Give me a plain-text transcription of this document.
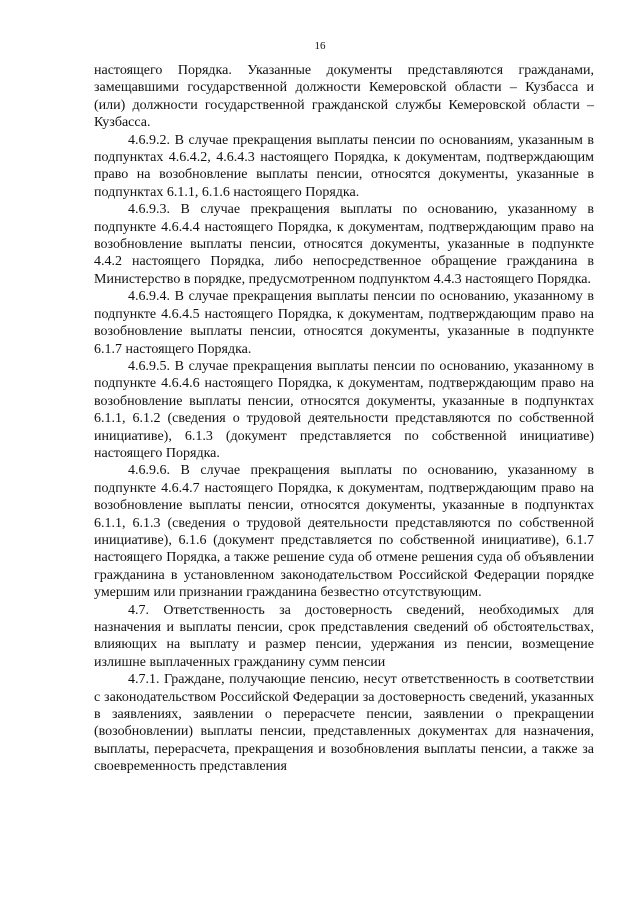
16

настоящего Порядка. Указанные документы представляются гражданами, замещавшими государственной должности Кемеровской области – Кузбасса и (или) должности государственной гражданской службы Кемеровской области – Кузбасса.

4.6.9.2. В случае прекращения выплаты пенсии по основаниям, указанным в подпунктах 4.6.4.2, 4.6.4.3 настоящего Порядка, к документам, подтверждающим право на возобновление выплаты пенсии, относятся документы, указанные в подпунктах 6.1.1, 6.1.6 настоящего Порядка.

4.6.9.3. В случае прекращения выплаты по основанию, указанному в подпункте 4.6.4.4 настоящего Порядка, к документам, подтверждающим право на возобновление выплаты пенсии, относятся документы, указанные в подпункте 4.4.2 настоящего Порядка, либо непосредственное обращение гражданина в Министерство в порядке, предусмотренном подпунктом 4.4.3 настоящего Порядка.

4.6.9.4. В случае прекращения выплаты пенсии по основанию, указанному в подпункте 4.6.4.5 настоящего Порядка, к документам, подтверждающим право на возобновление выплаты пенсии, относятся документы, указанные в подпункте 6.1.7 настоящего Порядка.

4.6.9.5. В случае прекращения выплаты пенсии по основанию, указанному в подпункте 4.6.4.6 настоящего Порядка, к документам, подтверждающим право на возобновление выплаты пенсии, относятся документы, указанные в подпунктах 6.1.1, 6.1.2 (сведения о трудовой деятельности представляются по собственной инициативе), 6.1.3 (документ представляется по собственной инициативе) настоящего Порядка.

4.6.9.6. В случае прекращения выплаты по основанию, указанному в подпункте 4.6.4.7 настоящего Порядка, к документам, подтверждающим право на возобновление выплаты пенсии, относятся документы, указанные в подпунктах 6.1.1, 6.1.3 (сведения о трудовой деятельности представляются по собственной инициативе), 6.1.6 (документ представляется по собственной инициативе), 6.1.7 настоящего Порядка, а также решение суда об отмене решения суда об объявлении гражданина в установленном законодательством Российской Федерации порядке умершим или признании гражданина безвестно отсутствующим.

4.7. Ответственность за достоверность сведений, необходимых для назначения и выплаты пенсии, срок представления сведений об обстоятельствах, влияющих на выплату и размер пенсии, удержания из пенсии, возмещение излишне выплаченных гражданину сумм пенсии

4.7.1. Граждане, получающие пенсию, несут ответственность в соответствии с законодательством Российской Федерации за достоверность сведений, указанных в заявлениях, заявлении о перерасчете пенсии, заявлении о прекращении (возобновлении) выплаты пенсии, представленных документах для назначения, выплаты, перерасчета, прекращения и возобновления выплаты пенсии, а также за своевременность представления
